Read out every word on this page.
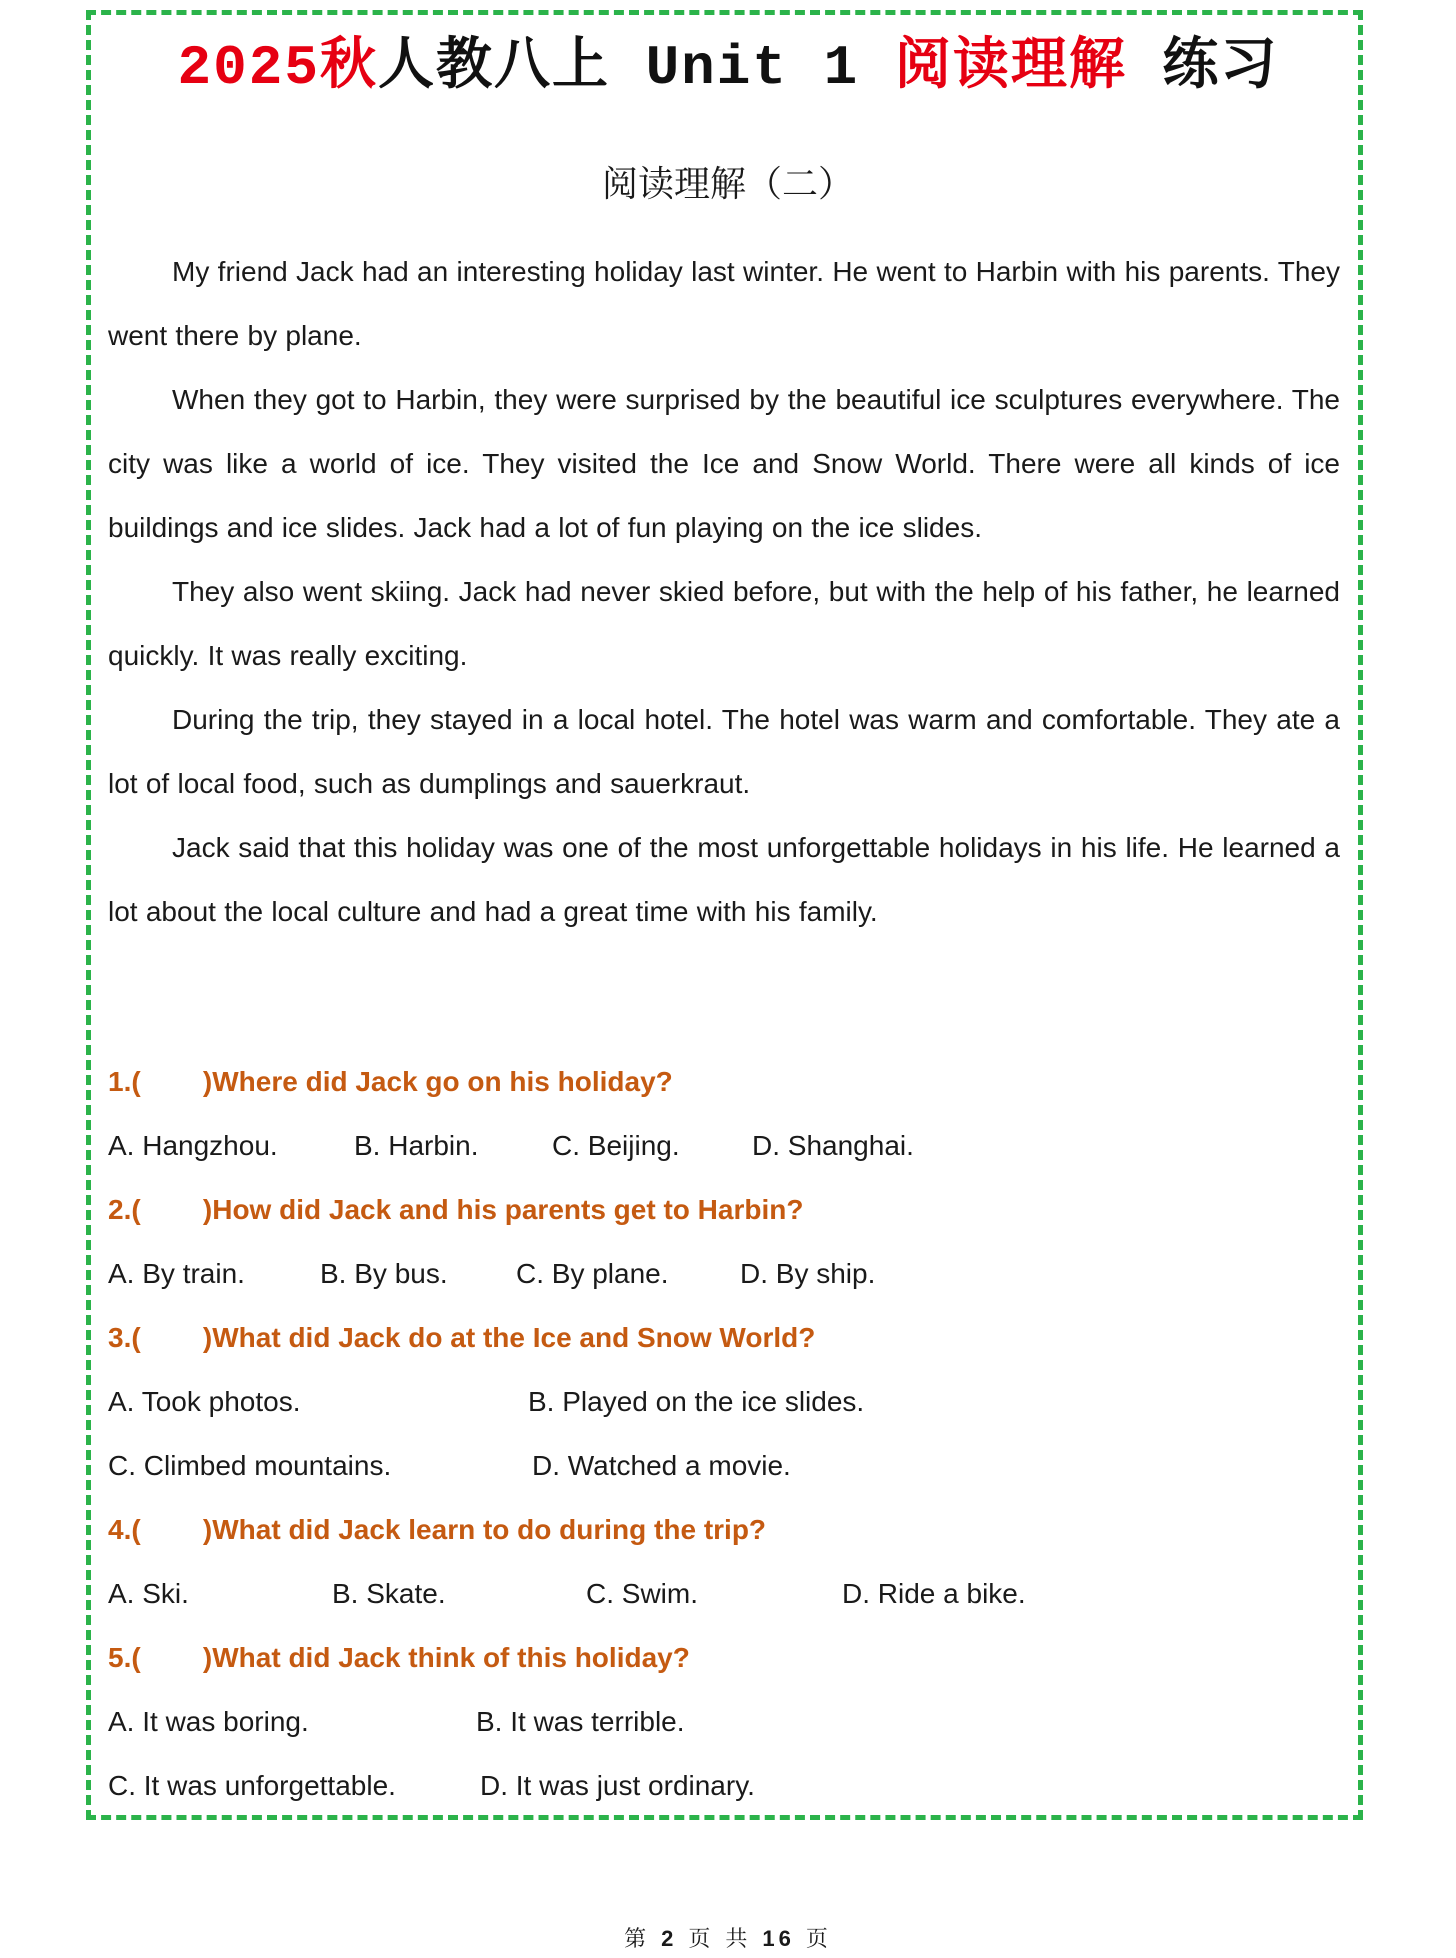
2025秋人教八上 Unit 1 阅读理解 练习
阅读理解（二）

My friend Jack had an interesting holiday last winter. He went to Harbin with his parents. They went there by plane.

When they got to Harbin, they were surprised by the beautiful ice sculptures everywhere. The city was like a world of ice. They visited the Ice and Snow World. There were all kinds of ice buildings and ice slides. Jack had a lot of fun playing on the ice slides.

They also went skiing. Jack had never skied before, but with the help of his father, he learned quickly. It was really exciting.

During the trip, they stayed in a local hotel. The hotel was warm and comfortable. They ate a lot of local food, such as dumplings and sauerkraut.

Jack said that this holiday was one of the most unforgettable holidays in his life. He learned a lot about the local culture and had a great time with his family.

1.(        )Where did Jack go on his holiday?
A. Hangzhou.	B. Harbin.	C. Beijing.	D. Shanghai.
2.(        )How did Jack and his parents get to Harbin?
A. By train.	B. By bus.	C. By plane.	D. By ship.
3.(        )What did Jack do at the Ice and Snow World?
A. Took photos.	B. Played on the ice slides.
C. Climbed mountains.	D. Watched a movie.
4.(        )What did Jack learn to do during the trip?
A. Ski.	B. Skate.	C. Swim.	D. Ride a bike.
5.(        )What did Jack think of this holiday?
A. It was boring.	B. It was terrible.
C. It was unforgettable.	D. It was just ordinary.
第 2 页 共 16 页
